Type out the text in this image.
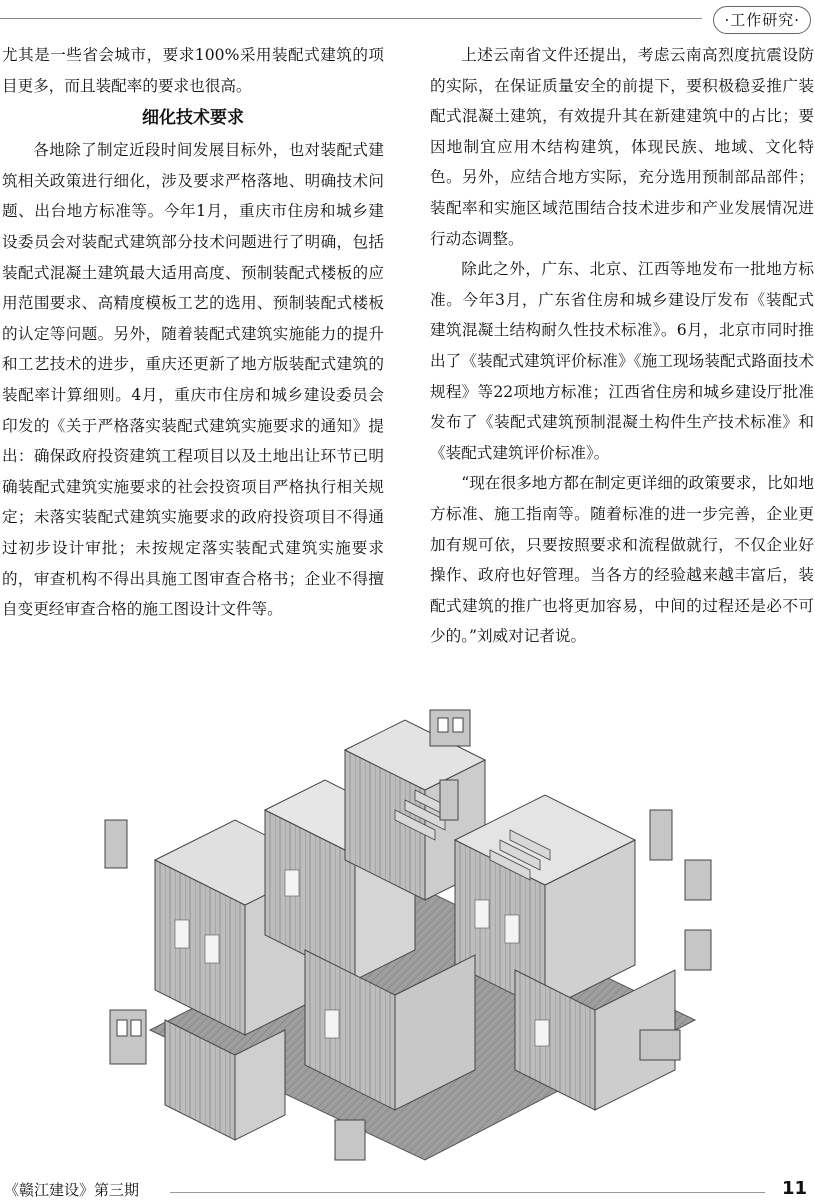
·工作研究·

尤其是一些省会城市，要求100%采用装配式建筑的项目更多，而且装配率的要求也很高。

细化技术要求

各地除了制定近段时间发展目标外，也对装配式建筑相关政策进行细化，涉及要求严格落地、明确技术问题、出台地方标准等。今年1月，重庆市住房和城乡建设委员会对装配式建筑部分技术问题进行了明确，包括装配式混凝土建筑最大适用高度、预制装配式楼板的应用范围要求、高精度模板工艺的选用、预制装配式楼板的认定等问题。另外，随着装配式建筑实施能力的提升和工艺技术的进步，重庆还更新了地方版装配式建筑的装配率计算细则。4月，重庆市住房和城乡建设委员会印发的《关于严格落实装配式建筑实施要求的通知》提出：确保政府投资建筑工程项目以及土地出让环节已明确装配式建筑实施要求的社会投资项目严格执行相关规定；未落实装配式建筑实施要求的政府投资项目不得通过初步设计审批；未按规定落实装配式建筑实施要求的，审查机构不得出具施工图审查合格书；企业不得擅自变更经审查合格的施工图设计文件等。

上述云南省文件还提出，考虑云南高烈度抗震设防的实际，在保证质量安全的前提下，要积极稳妥推广装配式混凝土建筑，有效提升其在新建建筑中的占比；要因地制宜应用木结构建筑，体现民族、地域、文化特色。另外，应结合地方实际，充分选用预制部品部件；装配率和实施区域范围结合技术进步和产业发展情况进行动态调整。

除此之外，广东、北京、江西等地发布一批地方标准。今年3月，广东省住房和城乡建设厅发布《装配式建筑混凝土结构耐久性技术标准》。6月，北京市同时推出了《装配式建筑评价标准》《施工现场装配式路面技术规程》等22项地方标准；江西省住房和城乡建设厅批准发布了《装配式建筑预制混凝土构件生产技术标准》和《装配式建筑评价标准》。

“现在很多地方都在制定更详细的政策要求，比如地方标准、施工指南等。随着标准的进一步完善，企业更加有规可依，只要按照要求和流程做就行，不仅企业好操作、政府也好管理。当各方的经验越来越丰富后，装配式建筑的推广也将更加容易，中间的过程还是必不可少的。”刘威对记者说。

《赣江建设》第三期	11
